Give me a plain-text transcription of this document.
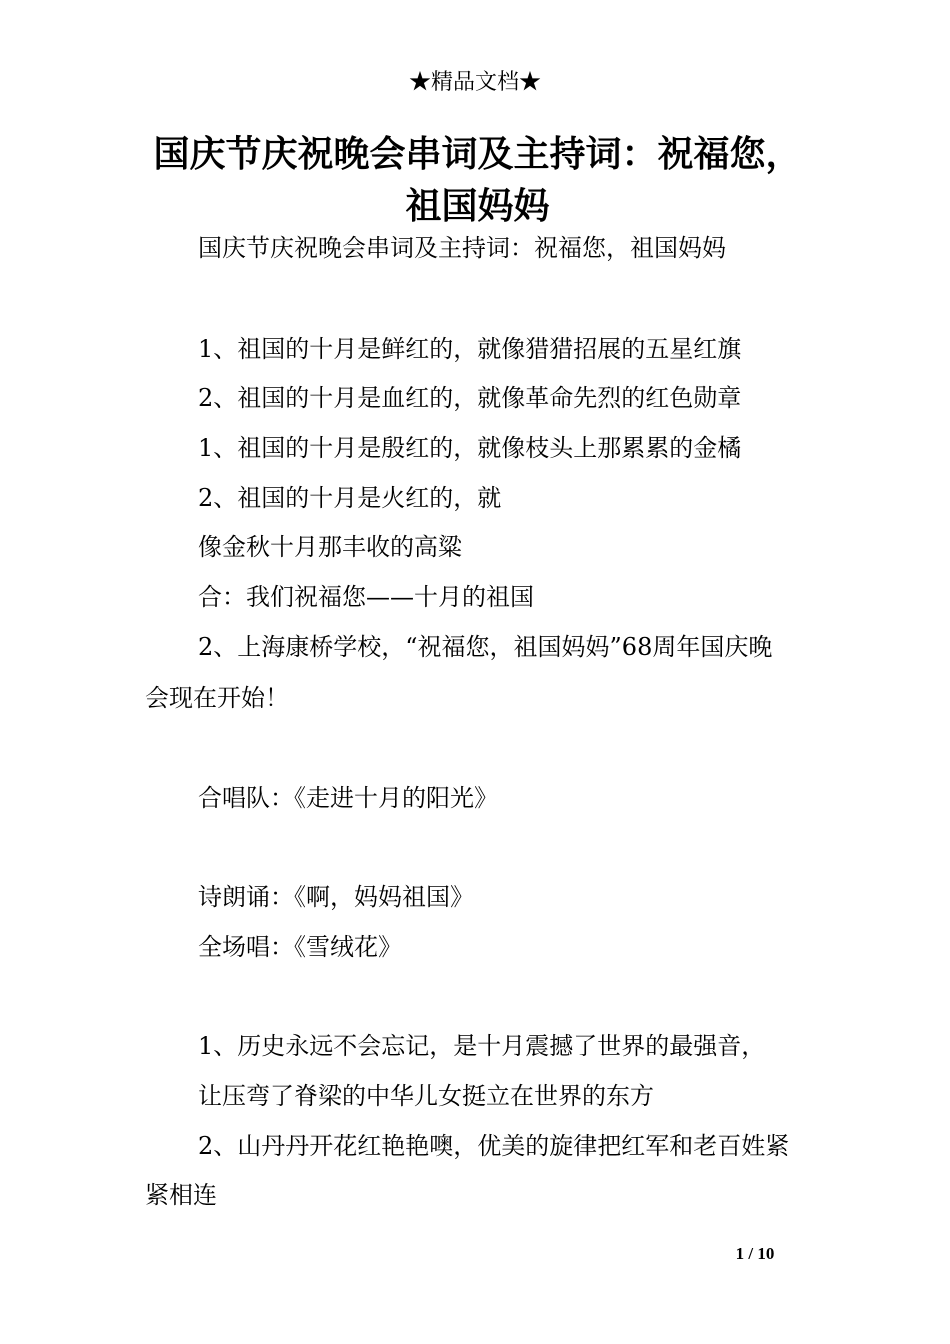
★精品文档★
国庆节庆祝晚会串词及主持词：祝福您，祖国妈妈

国庆节庆祝晚会串词及主持词：祝福您，祖国妈妈

1、祖国的十月是鲜红的，就像猎猎招展的五星红旗

2、祖国的十月是血红的，就像革命先烈的红色勋章

1、祖国的十月是殷红的，就像枝头上那累累的金橘

2、祖国的十月是火红的，就

像金秋十月那丰收的高粱

合：我们祝福您——十月的祖国

2、上海康桥学校，“祝福您，祖国妈妈”68周年国庆晚

会现在开始！

合唱队：《走进十月的阳光》

诗朗诵：《啊，妈妈祖国》

全场唱：《雪绒花》

1、历史永远不会忘记，是十月震撼了世界的最强音，

让压弯了脊梁的中华儿女挺立在世界的东方

2、山丹丹开花红艳艳噢，优美的旋律把红军和老百姓紧

紧相连

1 / 10
